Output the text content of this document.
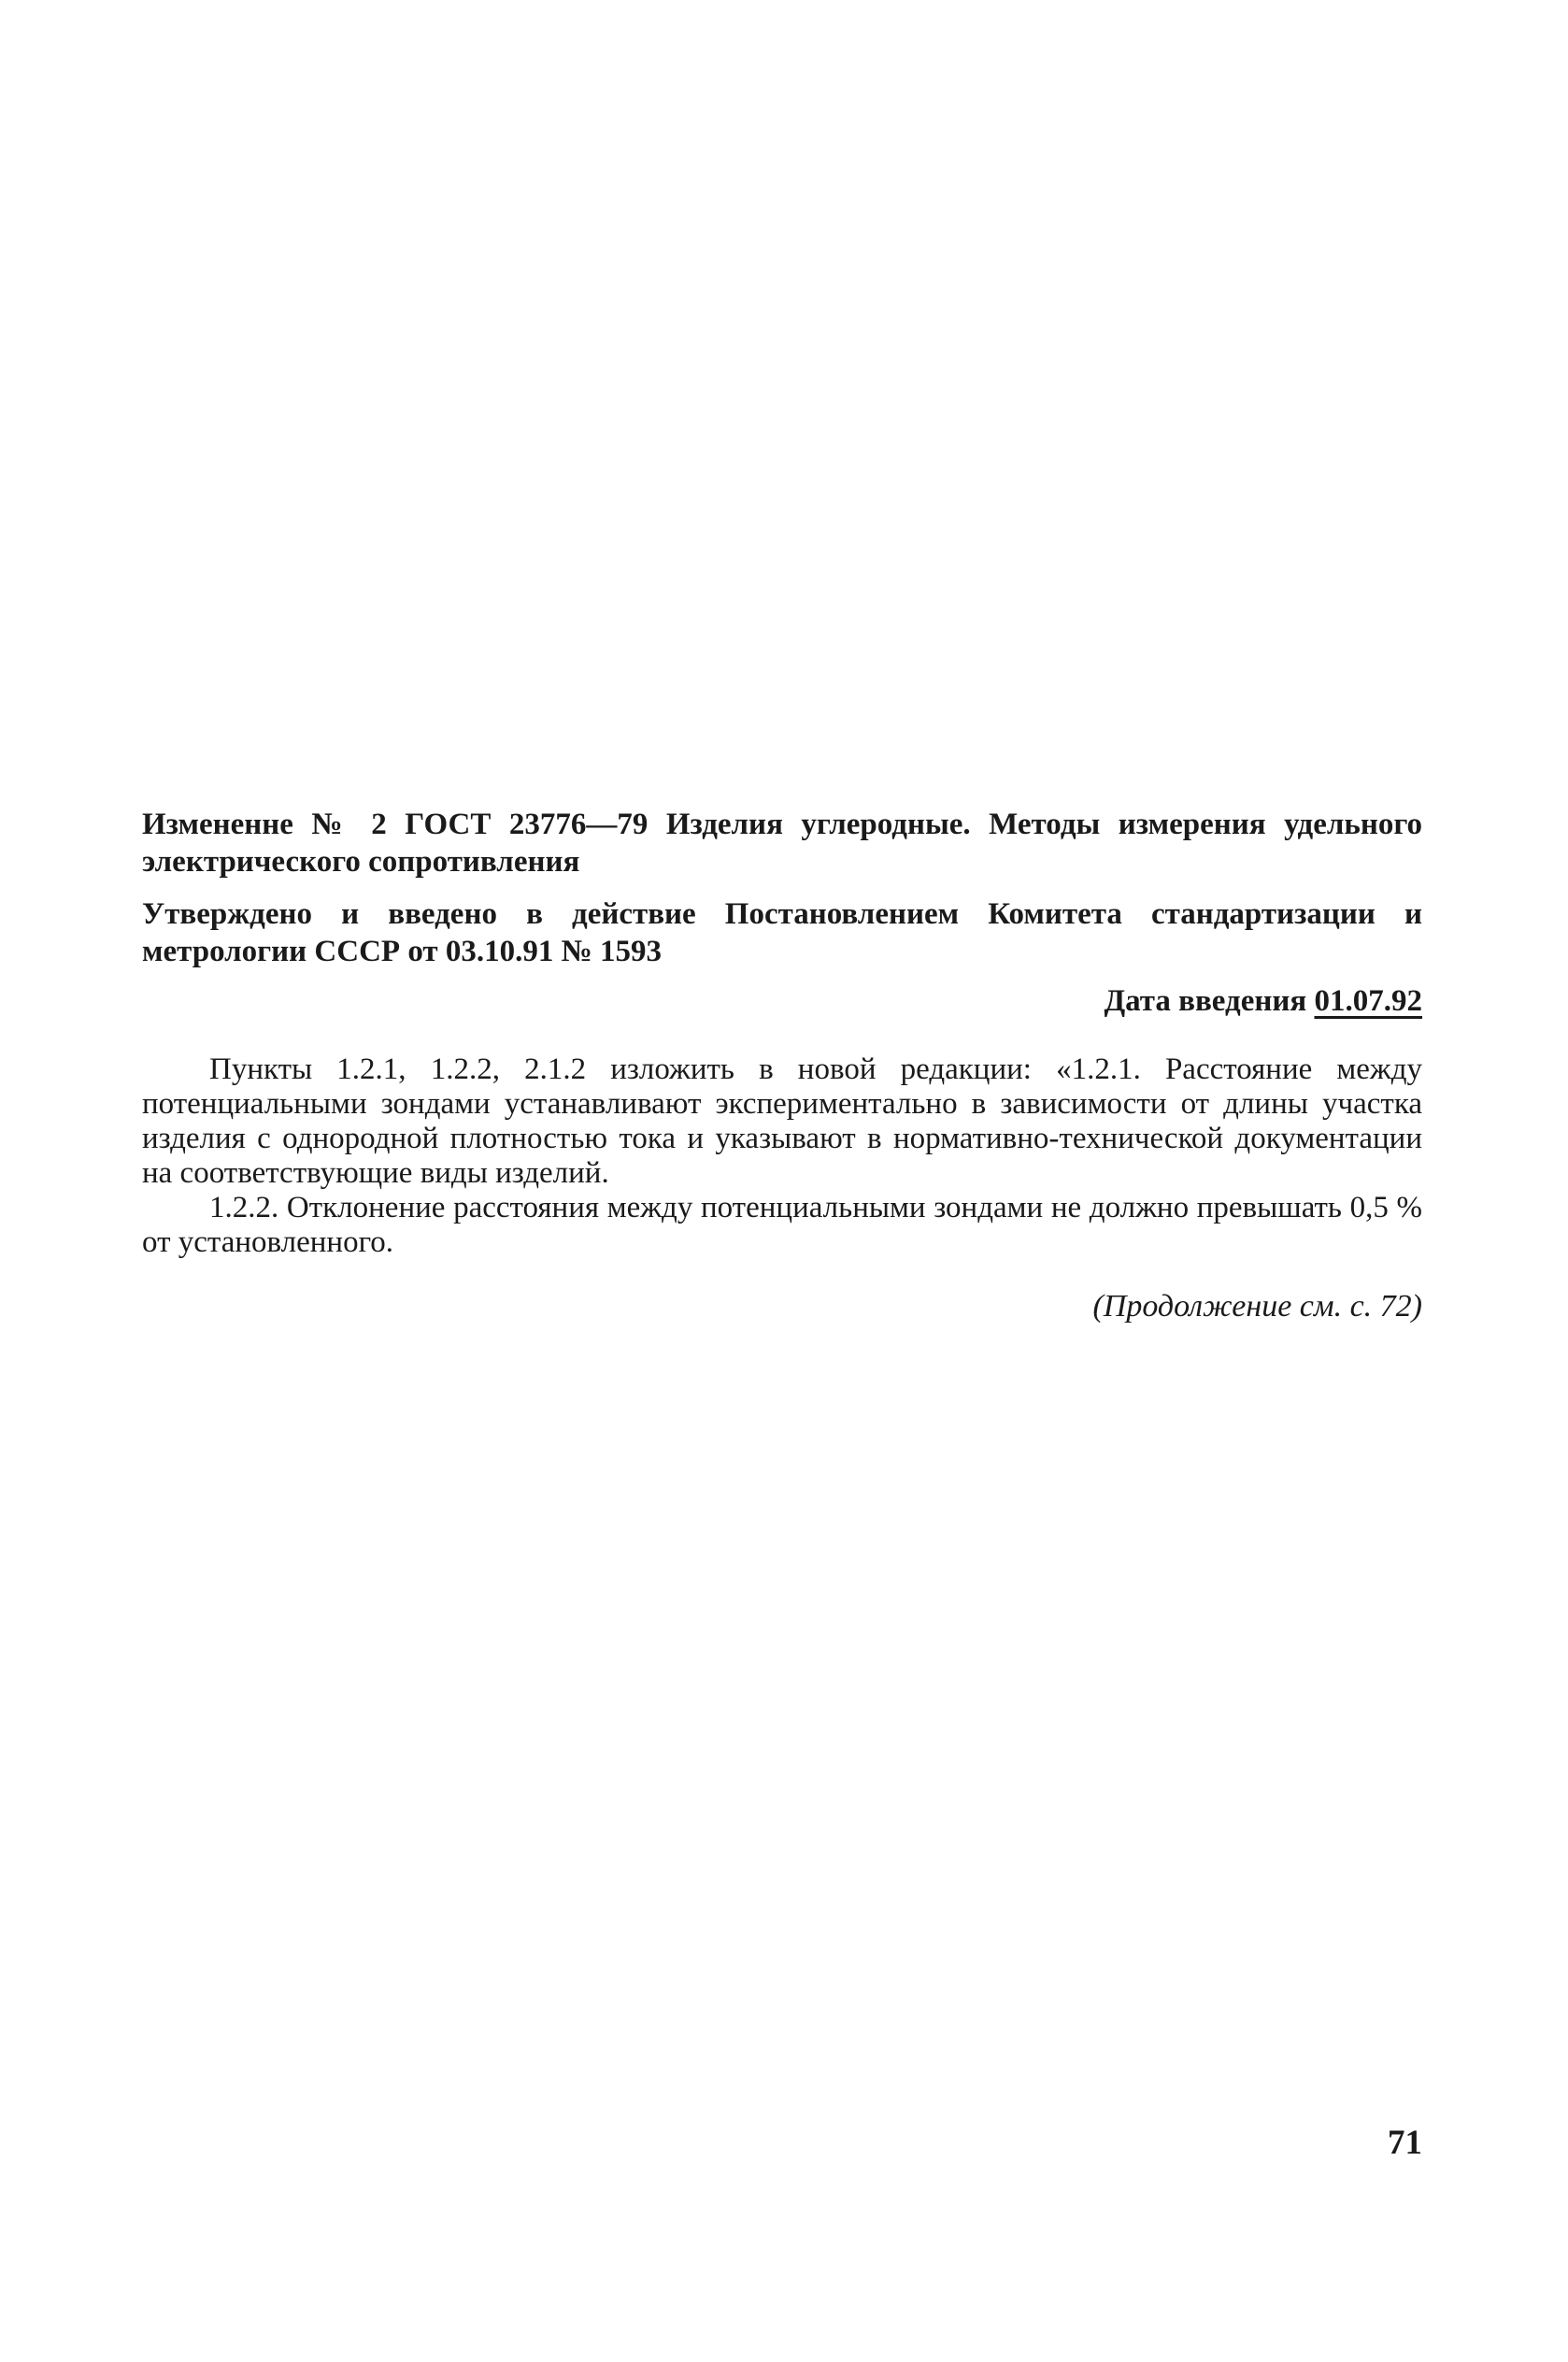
Измененне № 2 ГОСТ 23776—79 Изделия углеродные. Методы измерения удельного электрического сопротивления

Утверждено и введено в действие Постановлением Комитета стандартизации и метрологии СССР от 03.10.91 № 1593

Дата введения 01.07.92

Пункты 1.2.1, 1.2.2, 2.1.2 изложить в новой редакции: «1.2.1. Расстояние между потенциальными зондами устанавливают экспериментально в зависимости от длины участка изделия с однородной плотностью тока и указывают в нормативно-технической документации на соответствующие виды изделий.

1.2.2. Отклонение расстояния между потенциальными зондами не должно превышать 0,5 % от установленного.

(Продолжение см. с. 72)
71
